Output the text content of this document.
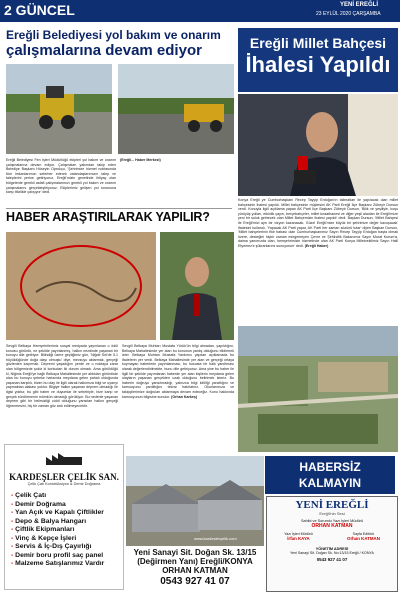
2 GÜNCEL	YENİ EREĞLİ
23 EYLÜL 2020 ÇARŞAMBA
Ereğli Belediyesi yol bakım ve onarım
çalışmalarına devam ediyor
Ereğli Belediyesi Fen İşleri Müdürlüğü ekipleri yol bakım ve onarım çalışmalarına devam ediyor. Çalışmaları yakından takip eden Belediye Başkanı Hüseyin Oprukçu, 'Şehrimize hizmet noktasında tüm imkanlarımızı seferber ederek vatandaşlarımızın talep ve taleplerini yerine getiriyoruz. Ereğli'mizin genelinde ihtiyaç olan bölgelerde gerekli asfalt çalışmalarımızı gerekli yol bakım ve onarım çalışmalarını gerçekleştiriyoruz. Ekiplerimiz gelişen yol sorununa karşı titizlikle çalışıyor' dedi.
(Ereğli... Haber Merkezi)
Ereğli Millet Bahçesi
İhalesi Yapıldı
Konya Ereğli ye Cumhurbaşkanı Recep Tayyip Erdoğan'ın talimatları ile yapılacak olan millet bahçesinin ihalesi yapıldı. Millet bahçesinin müjdesini AK Parti Ereğli İlçe Başkanı Zübeyir Dursun verdi. Konuyla ilgili açıklama yapan AK Parti İlçe Başkanı Zübeyir Dursun, 'Bilik ve yeşiliyle, koşu yürüyüş yolları, etkinlik çayırı, berçebahçeler, millet kıraathanesi ve diğer yeşil alanları ile Ereğli'mize yeni bir soluk getirecek olan Millet Bahçemizin ihalesi yapıldı' dedi. Başkan Dursun; 'Millet Bahçesi ile Ereğli'mizi ayrı bir vizyon kazanacak. Güzel Ereğli'mize büyük bir şehrimize değer kavuşacak' ifadesini kullandı. 'Yapacak AK Parti yapar, AK Parti her zaman sözünü tutar' diyen Başkan Dursun, 'Millet bahçelerinin fikir babası olan Cumhurbaşkanımız Sayın Recep Tayyip Erdoğan başta olmak üzere, desteğini hiçbir zaman esirgemeyen Çevre ve Şehircilik Bakanımız Sayın Murat Kurum'a, daima yanımızda olan, hemşehrimizin hizmetinde olan AK Parti Konya Milletvekilimiz Sayın Halil Etyemez'e şükranlarımı sunuyorum' dedi. (Ereğli Haber)
HABER ARAŞTIRILARAK YAPILIR?
Sevgili Belkaya Hemşehrilerimiz sosyal medyada yayınlanan o ödül konusu görüntü, ne şekilde yayınlanmış, halkın nezdinde yaşanan bir konuyu dile getiriyor. Bilindiği üzere geçtiğimiz gün, 'Niğde Sel'de 5.1 büyüklüğünde doğa olayı olmuştu' diye, mevzuyu aktarmak, gerçeği gözlerden kaçırmak. Depremi yaşadığını yerde ve o noktaya zarar olan bölgemizde şokiz ki korkudan iki durum olmadı. Ama görüldüğü ki, Niğmis Ereğli'ye bağlı Belkaya Mahallesinde yer aldıkları görüntüde olan bu konuyu şebeke hafızında meydana gelen pahalı olduğunda yaşanan karşılık, bizim bu olay ile ilgili olarak halkımıza bilgi ve uyarıyı yapmaktan alakası yoktur. Bilgiye halkın yaşanan deprem olmadığı ile ilgisi yoktur, bu gibi haber ve duyumlar ile sebebiyle, bize karşı ve gerçek sürdürmenin mümkün olmadığı görülüyor. Bu nedenle yaşanan deprem gibi bir belirsizliği ciddi olduğunu yansıtan halkın gerçeği öğrenmesini, hiç bir zaman göz ardı edilmeyecektir.
Sevgili Belkaya Muhtarı Mustafa Yürük'ün bilgi almadan, yapıldığını, Belkaya Mahallesinde yer alan bu konunun yanlış olduğunu bildirmek ister. Belkaya Muhtarı Mustafa Yardımcı yapılan açıklamada bu ifadelerin yer verdi. Belkaya Mahallesinde yer alan ve gerçeği ortaya koymayan haberlerin yayımlanması, bu hususta bir halk yanıltması olarak değerlendirilmekte, bunu dile getiriyoruz. Ama yine bu haber ile ilgili bir şekilde yayımlanan haberde yer alan kişilerin meydana gelen olayların yaşanan gerçekten uzak olduğunu belirtmek isteriz. Bu haberin doğruyu yansıtmadığı, yalnızca bilgi kirliliği yarattığını ve kamuoyunu yanılttığını tekrar hatırlatırız. Okurlarımıza ve takipçilerimize doğruları aktarmaya devam edeceğiz. Konu hakkında kamuoyunun bilgisine sunulur. (Orhan Karkeş)
KARDEŞLER ÇELİK SAN.
Çelik Çatı Konstrüksiyon & Demir Doğrama
- Çelik Çatı
- Demir Doğrama
- Yan Açık ve Kapalı Çiftlikler
- Depo & Balya Hangarı
- Çiftlik Ekipmanları
- Vinç & Kepçe İşleri
- Servis & İç-Dış Çayırlığı
- Demir boru profil saç panel
- Malzeme Satışlarımız Vardır
www.kardeslerçelik.com
Yeni Sanayi Sit. Doğan Sk. 13/15
(Değirmen Yanı) Ereğli/KONYA
ORHAN KATMAN
0543 927 41 07
HABERSİZ
KALMAYIN
YENİ EREĞLİ
Ereğli'nin Sesi
Sahibi ve Sorumlu Yazı İşleri Müdürü
ORHAN KATMAN
Yazı İşleri Müdürü
İrfan KAYA
Sayfa Editörü
Orhan KATMAN
YÖNETİM ADRESİ
Yeni Sanayi Sit. Doğan Sk. No:13/15 Ereğli / KONYA
0543 927 41 07
